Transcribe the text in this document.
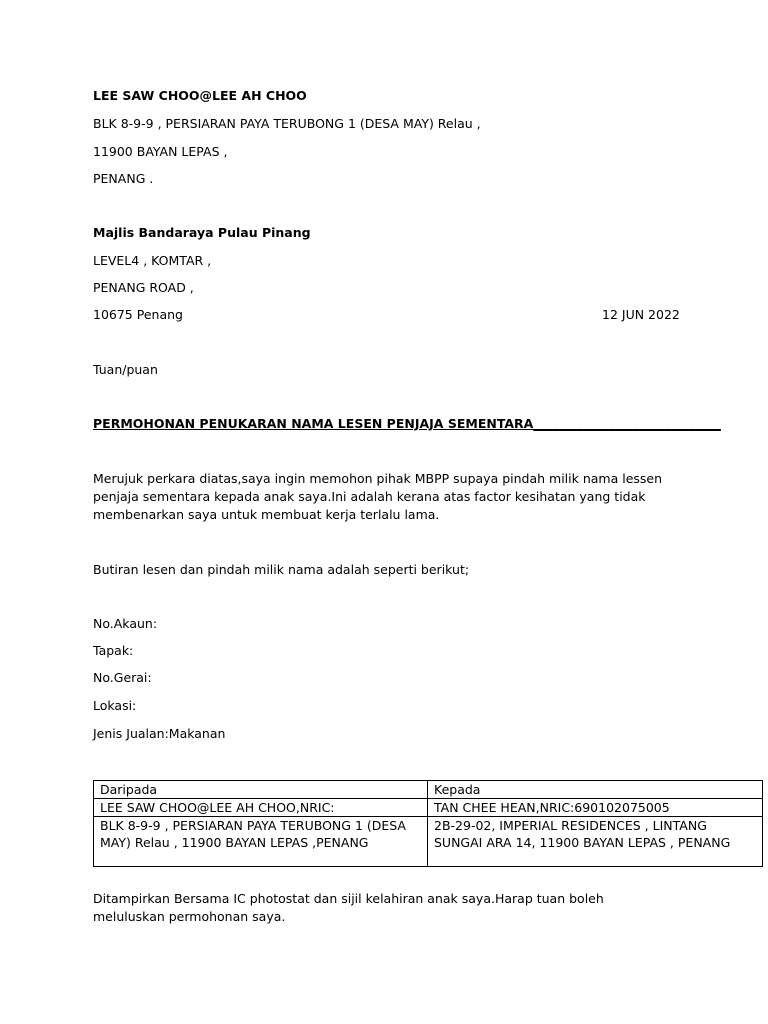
LEE SAW CHOO@LEE AH CHOO
BLK 8-9-9 , PERSIARAN PAYA TERUBONG 1 (DESA MAY) Relau ,
11900 BAYAN LEPAS ,
PENANG .
Majlis Bandaraya Pulau Pinang
LEVEL4 , KOMTAR ,
PENANG ROAD ,
10675 Penang	12 JUN 2022
Tuan/puan
PERMOHONAN PENUKARAN NAMA LESEN PENJAJA SEMENTARA______________________________
Merujuk perkara diatas,saya ingin memohon pihak MBPP supaya pindah milik nama lessen penjaja sementara kepada anak saya.Ini adalah kerana atas factor kesihatan yang tidak membenarkan saya untuk membuat kerja terlalu lama.
Butiran lesen dan pindah milik nama adalah seperti berikut;
No.Akaun:
Tapak:
No.Gerai:
Lokasi:
Jenis Jualan:Makanan
Daripada	Kepada
LEE SAW CHOO@LEE AH CHOO,NRIC:	TAN CHEE HEAN,NRIC:690102075005
BLK 8-9-9 , PERSIARAN PAYA TERUBONG 1 (DESA MAY) Relau , 11900 BAYAN LEPAS ,PENANG	2B-29-02, IMPERIAL RESIDENCES , LINTANG SUNGAI ARA 14, 11900 BAYAN LEPAS , PENANG
Ditampirkan Bersama IC photostat dan sijil kelahiran anak saya.Harap tuan boleh meluluskan permohonan saya.
